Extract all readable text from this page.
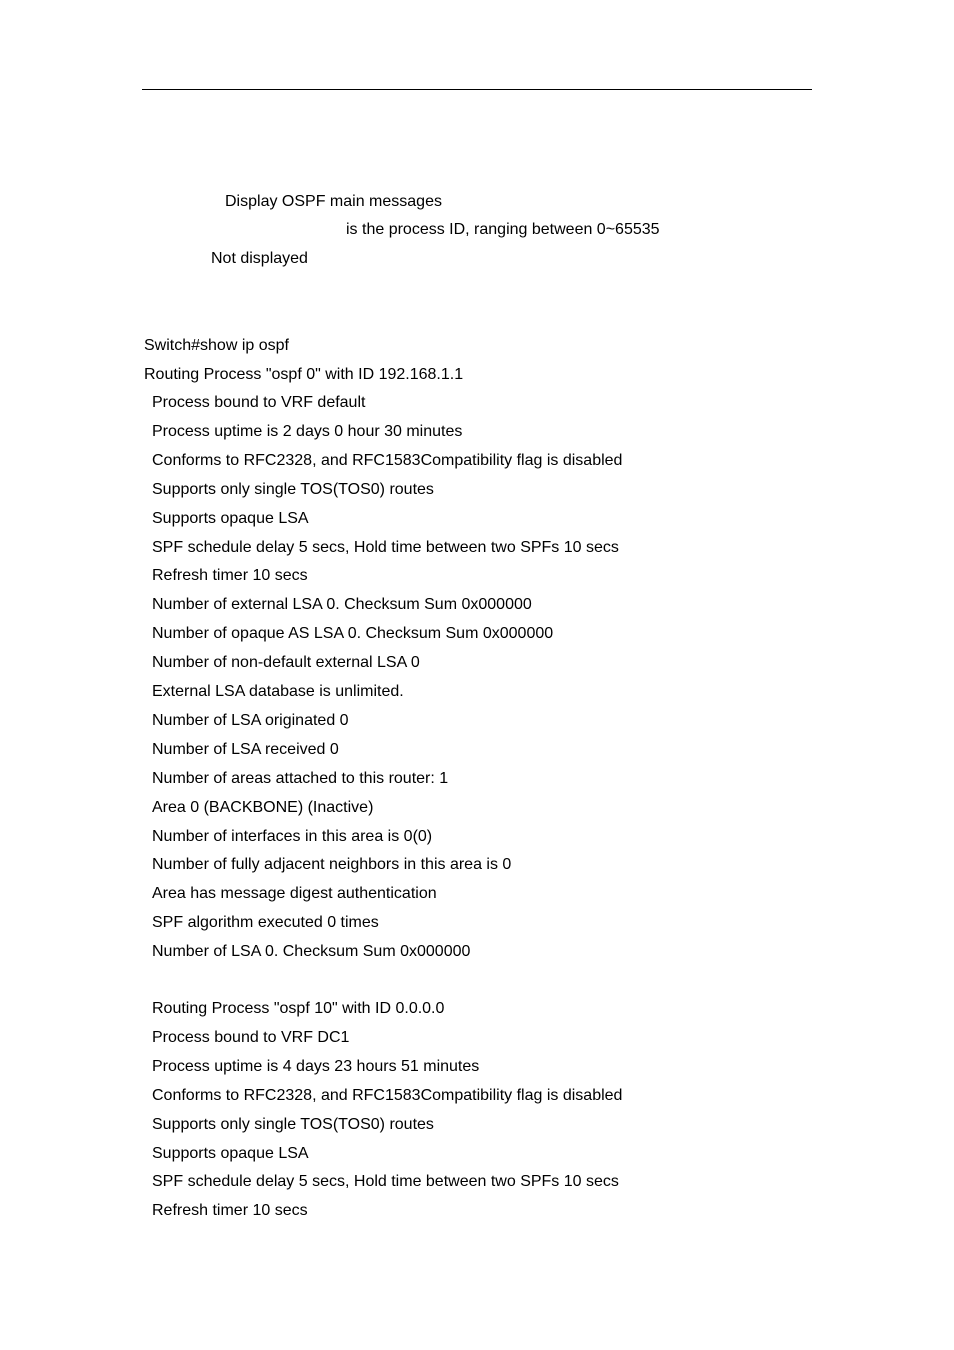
Display OSPF main messages
is the process ID, ranging between 0~65535
Not displayed
Switch#show ip ospf
Routing Process "ospf 0" with ID 192.168.1.1
Process bound to VRF default
Process uptime is 2 days 0 hour 30 minutes
Conforms to RFC2328, and RFC1583Compatibility flag is disabled
Supports only single TOS(TOS0) routes
Supports opaque LSA
SPF schedule delay 5 secs, Hold time between two SPFs 10 secs
Refresh timer 10 secs
Number of external LSA 0. Checksum Sum 0x000000
Number of opaque AS LSA 0. Checksum Sum 0x000000
Number of non-default external LSA 0
External LSA database is unlimited.
Number of LSA originated 0
Number of LSA received 0
Number of areas attached to this router: 1
Area 0 (BACKBONE) (Inactive)
Number of interfaces in this area is 0(0)
Number of fully adjacent neighbors in this area is 0
Area has message digest authentication
SPF algorithm executed 0 times
Number of LSA 0. Checksum Sum 0x000000
Routing Process "ospf 10" with ID 0.0.0.0
Process bound to VRF DC1
Process uptime is 4 days 23 hours 51 minutes
Conforms to RFC2328, and RFC1583Compatibility flag is disabled
Supports only single TOS(TOS0) routes
Supports opaque LSA
SPF schedule delay 5 secs, Hold time between two SPFs 10 secs
Refresh timer 10 secs
